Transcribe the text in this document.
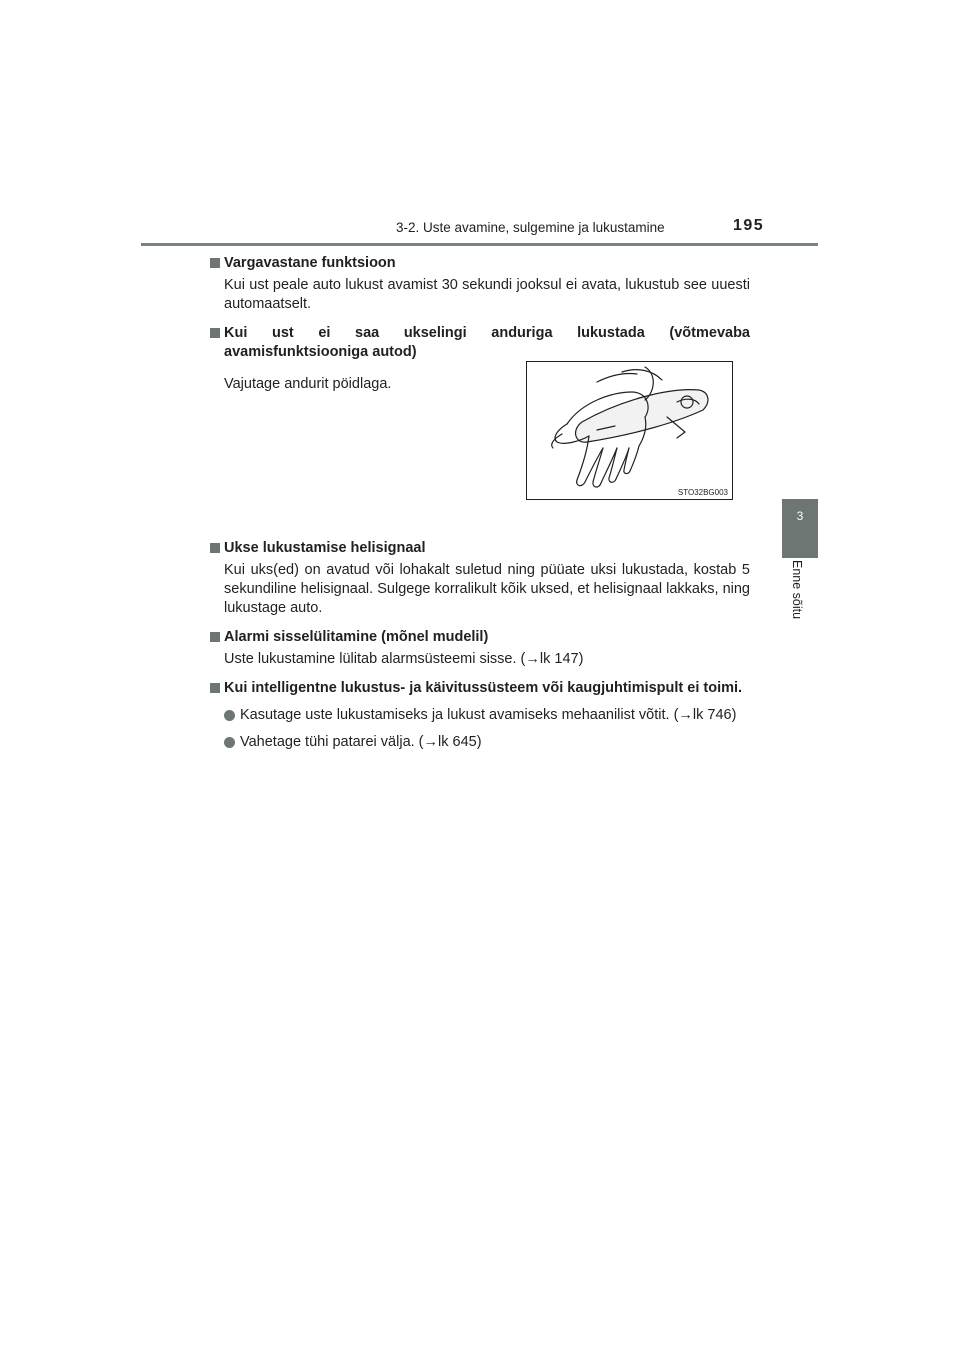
3-2. Uste avamine, sulgemine ja lukustamine	195
3
Enne sõitu
Vargavastane funktsioon
Kui ust peale auto lukust avamist 30 sekundi jooksul ei avata, lukustub see uuesti automaatselt.
Kui ust ei saa ukselingi anduriga lukustada (võtmevaba avamisfunktsiooniga autod)
Vajutage andurit pöidlaga.
Ukse lukustamise helisignaal
Kui uks(ed) on avatud või lohakalt suletud ning püüate uksi lukustada, kostab 5 sekundiline helisignaal. Sulgege korralikult kõik uksed, et helisignaal lakkaks, ning lukustage auto.
Alarmi sisselülitamine (mõnel mudelil)
Uste lukustamine lülitab alarmsüsteemi sisse. (→lk 147)
Kui intelligentne lukustus- ja käivitussüsteem või kaugjuhtimispult ei toimi.
Kasutage uste lukustamiseks ja lukust avamiseks mehaanilist võtit. (→lk 746)
Vahetage tühi patarei välja. (→lk 645)
STO32BG003
